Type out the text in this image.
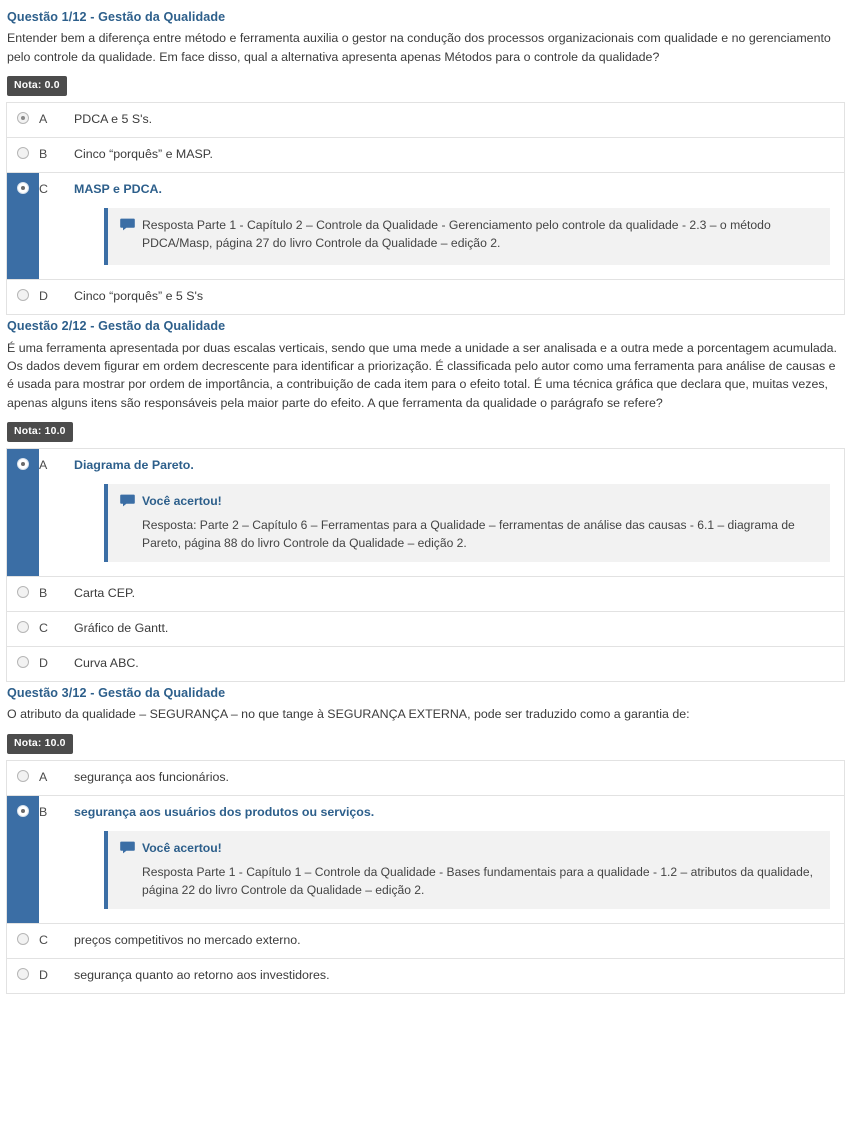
Questão 1/12 - Gestão da Qualidade
Entender bem a diferença entre método e ferramenta auxilia o gestor na condução dos processos organizacionais com qualidade e no gerenciamento pelo controle da qualidade. Em face disso, qual a alternativa apresenta apenas Métodos para o controle da qualidade?
Nota: 0.0
A	PDCA e 5 S's.
B	Cinco “porquês” e MASP.
C	MASP e PDCA.
Resposta Parte 1 - Capítulo 2 – Controle da Qualidade - Gerenciamento pelo controle da qualidade - 2.3 – o método PDCA/Masp, página 27 do livro Controle da Qualidade – edição 2.
D	Cinco “porquês” e 5 S's
Questão 2/12 - Gestão da Qualidade
É uma ferramenta apresentada por duas escalas verticais, sendo que uma mede a unidade a ser analisada e a outra mede a porcentagem acumulada. Os dados devem figurar em ordem decrescente para identificar a priorização. É classificada pelo autor como uma ferramenta para análise de causas e é usada para mostrar por ordem de importância, a contribuição de cada item para o efeito total. É uma técnica gráfica que declara que, muitas vezes, apenas alguns itens são responsáveis pela maior parte do efeito. A que ferramenta da qualidade o parágrafo se refere?
Nota: 10.0
A	Diagrama de Pareto.
Você acertou!
Resposta: Parte 2 – Capítulo 6 – Ferramentas para a Qualidade – ferramentas de análise das causas - 6.1 – diagrama de Pareto, página 88 do livro Controle da Qualidade – edição 2.
B	Carta CEP.
C	Gráfico de Gantt.
D	Curva ABC.
Questão 3/12 - Gestão da Qualidade
O atributo da qualidade – SEGURANÇA – no que tange à SEGURANÇA EXTERNA, pode ser traduzido como a garantia de:
Nota: 10.0
A	segurança aos funcionários.
B	segurança aos usuários dos produtos ou serviços.
Você acertou!
Resposta Parte 1 - Capítulo 1 – Controle da Qualidade - Bases fundamentais para a qualidade - 1.2 – atributos da qualidade, página 22 do livro Controle da Qualidade – edição 2.
C	preços competitivos no mercado externo.
D	segurança quanto ao retorno aos investidores.
